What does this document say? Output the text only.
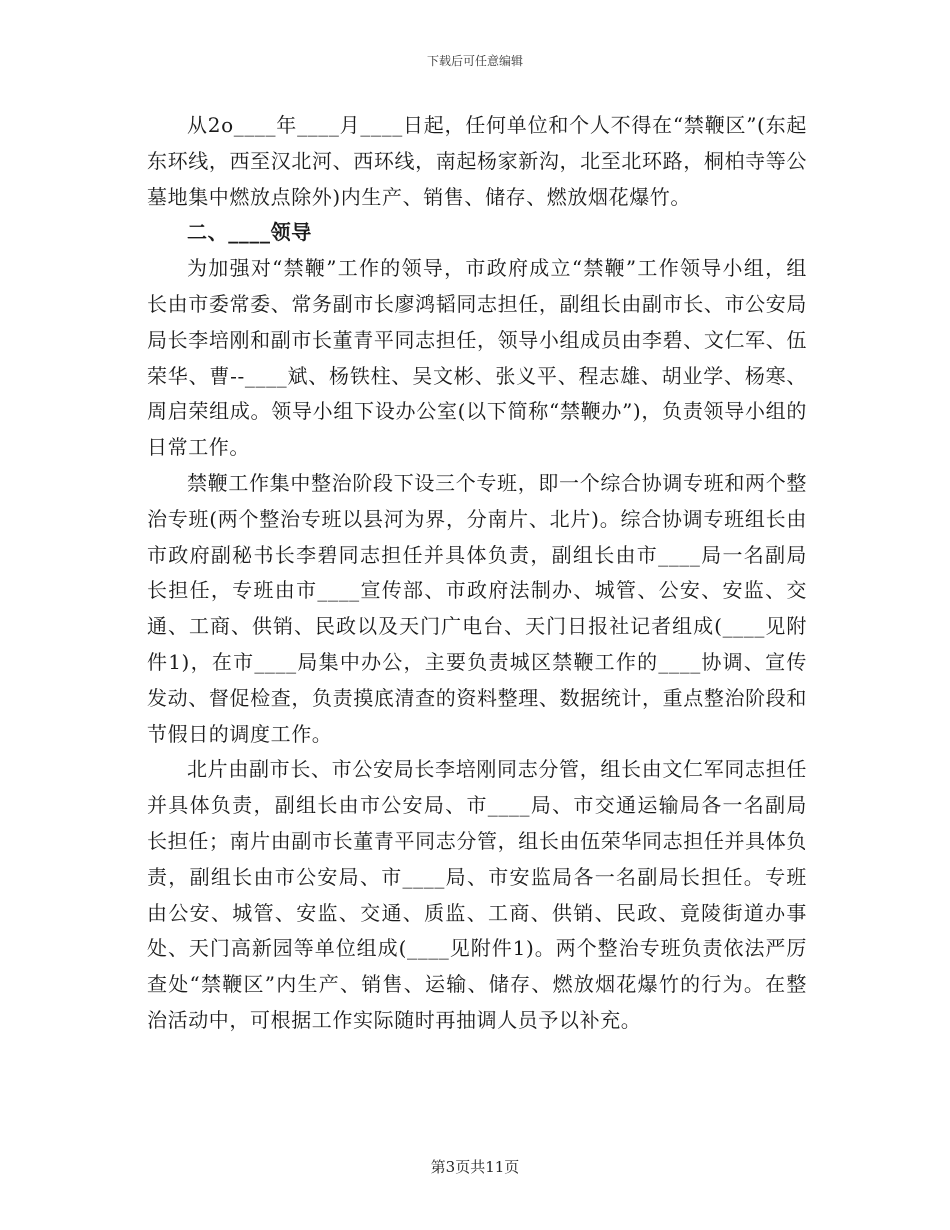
下载后可任意编辑

从2o____年____月____日起，任何单位和个人不得在“禁鞭区”(东起东环线，西至汉北河、西环线，南起杨家新沟，北至北环路，桐柏寺等公墓地集中燃放点除外)内生产、销售、储存、燃放烟花爆竹。

二、____领导

为加强对“禁鞭”工作的领导，市政府成立“禁鞭”工作领导小组，组长由市委常委、常务副市长廖鸿韬同志担任，副组长由副市长、市公安局局长李培刚和副市长董青平同志担任，领导小组成员由李碧、文仁军、伍荣华、曹--____斌、杨铁柱、吴文彬、张义平、程志雄、胡业学、杨寒、周启荣组成。领导小组下设办公室(以下简称“禁鞭办”)，负责领导小组的日常工作。

禁鞭工作集中整治阶段下设三个专班，即一个综合协调专班和两个整治专班(两个整治专班以县河为界，分南片、北片)。综合协调专班组长由市政府副秘书长李碧同志担任并具体负责，副组长由市____局一名副局长担任，专班由市____宣传部、市政府法制办、城管、公安、安监、交通、工商、供销、民政以及天门广电台、天门日报社记者组成(____见附件1)，在市____局集中办公，主要负责城区禁鞭工作的____协调、宣传发动、督促检查，负责摸底清查的资料整理、数据统计，重点整治阶段和节假日的调度工作。

北片由副市长、市公安局长李培刚同志分管，组长由文仁军同志担任并具体负责，副组长由市公安局、市____局、市交通运输局各一名副局长担任；南片由副市长董青平同志分管，组长由伍荣华同志担任并具体负责，副组长由市公安局、市____局、市安监局各一名副局长担任。专班由公安、城管、安监、交通、质监、工商、供销、民政、竟陵街道办事处、天门高新园等单位组成(____见附件1)。两个整治专班负责依法严厉查处“禁鞭区”内生产、销售、运输、储存、燃放烟花爆竹的行为。在整治活动中，可根据工作实际随时再抽调人员予以补充。

第3页共11页
